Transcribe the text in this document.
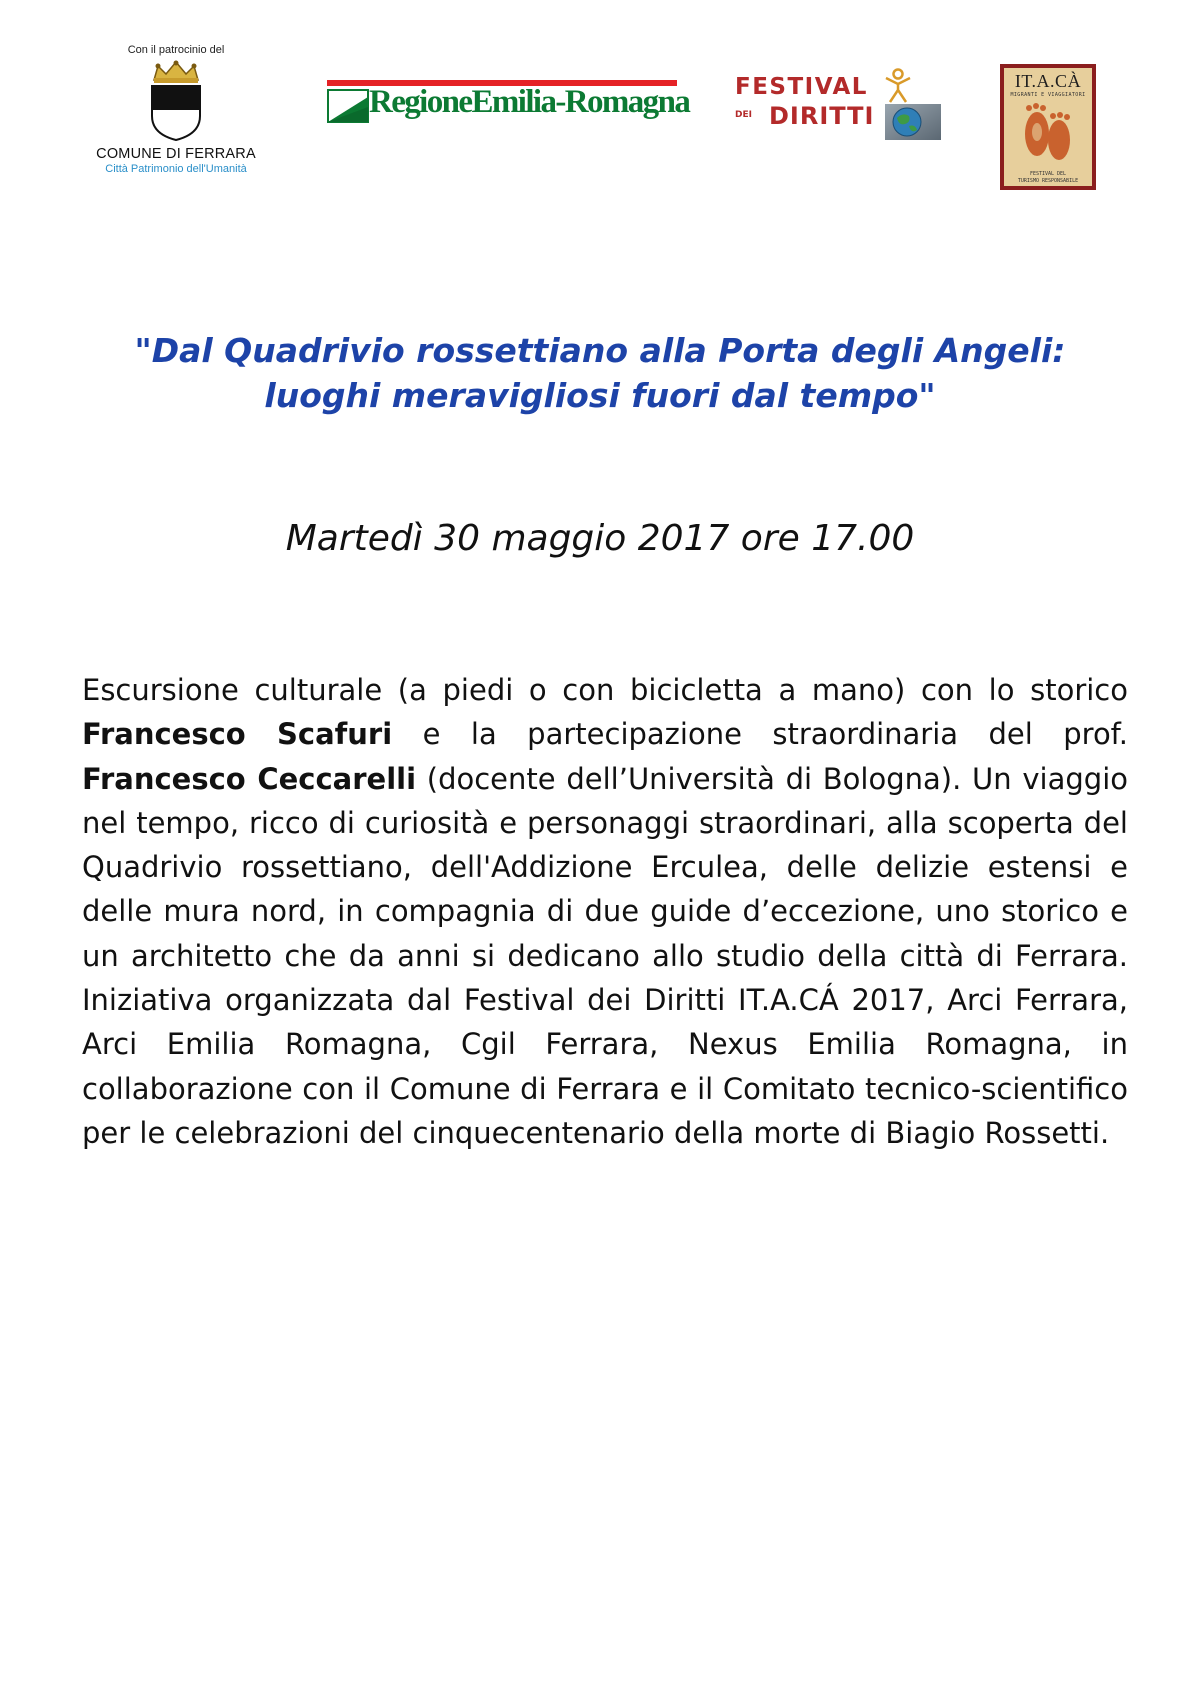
Con il patrocinio del
COMUNE DI FERRARA
Città Patrimonio dell'Umanità
RegioneEmilia-Romagna FESTIVAL
DEI DIRITTI
IT.A.CÀ
MIGRANTI E VIAGGIATORI
FESTIVAL DEL
TURISMO RESPONSABILE
"Dal Quadrivio rossettiano alla Porta degli Angeli:
luoghi meravigliosi fuori dal tempo"
Martedì 30 maggio 2017 ore 17.00
Escursione culturale (a piedi o con bicicletta a mano) con lo storico Francesco Scafuri e la partecipazione straordinaria del prof. Francesco Ceccarelli (docente dell’Università di Bologna). Un viaggio nel tempo, ricco di curiosità e personaggi straordinari, alla scoperta del Quadrivio rossettiano, dell'Addizione Erculea, delle delizie estensi e delle mura nord, in compagnia di due guide d’eccezione, uno storico e un architetto che da anni si dedicano allo studio della città di Ferrara. Iniziativa organizzata dal Festival dei Diritti IT.A.CÁ 2017, Arci Ferrara, Arci Emilia Romagna, Cgil Ferrara, Nexus Emilia Romagna, in collaborazione con il Comune di Ferrara e il Comitato tecnico-scientifico per le celebrazioni del cinquecentenario della morte di Biagio Rossetti.
